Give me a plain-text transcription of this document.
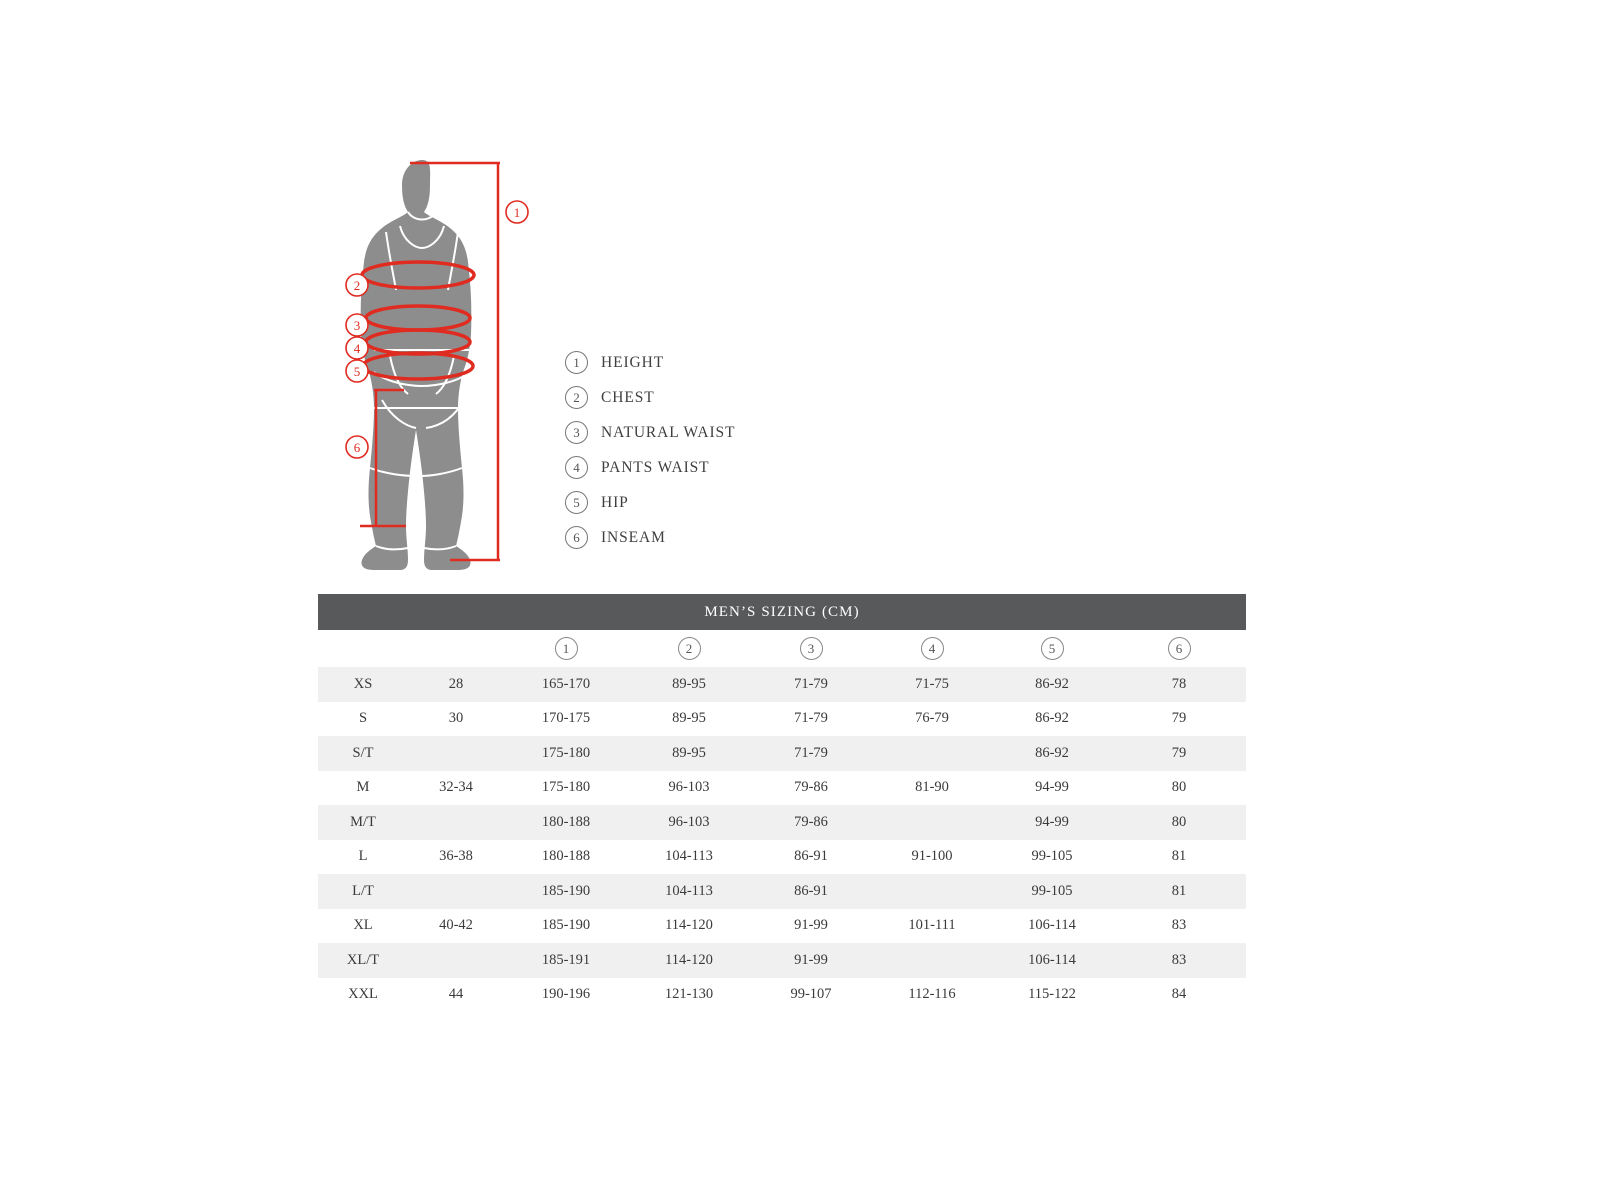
1
2
3
4
5
6
1	HEIGHT
2	CHEST
3	NATURAL WAIST
4	PANTS WAIST
5	HIP
6	INSEAM
MEN’S SIZING (CM)							
		1	2	3	4	5	6
XS	28	165-170	89-95	71-79	71-75	86-92	78
S	30	170-175	89-95	71-79	76-79	86-92	79
S/T		175-180	89-95	71-79		86-92	79
M	32-34	175-180	96-103	79-86	81-90	94-99	80
M/T		180-188	96-103	79-86		94-99	80
L	36-38	180-188	104-113	86-91	91-100	99-105	81
L/T		185-190	104-113	86-91		99-105	81
XL	40-42	185-190	114-120	91-99	101-111	106-114	83
XL/T		185-191	114-120	91-99		106-114	83
XXL	44	190-196	121-130	99-107	112-116	115-122	84
